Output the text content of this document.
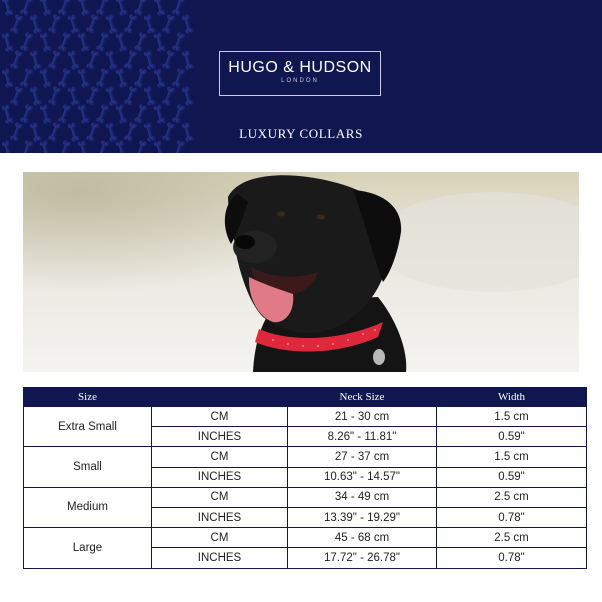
HUGO & HUDSON
LONDON
LUXURY COLLARS
Size		Neck Size	Width
Extra Small	CM	21 - 30 cm	1.5 cm
	INCHES	8.26" - 11.81"	0.59"
Small	CM	27 - 37 cm	1.5 cm
	INCHES	10.63" - 14.57"	0.59"
Medium	CM	34 - 49 cm	2.5 cm
	INCHES	13.39" - 19.29"	0.78"
Large	CM	45 - 68 cm	2.5 cm
	INCHES	17.72" - 26.78"	0.78"
